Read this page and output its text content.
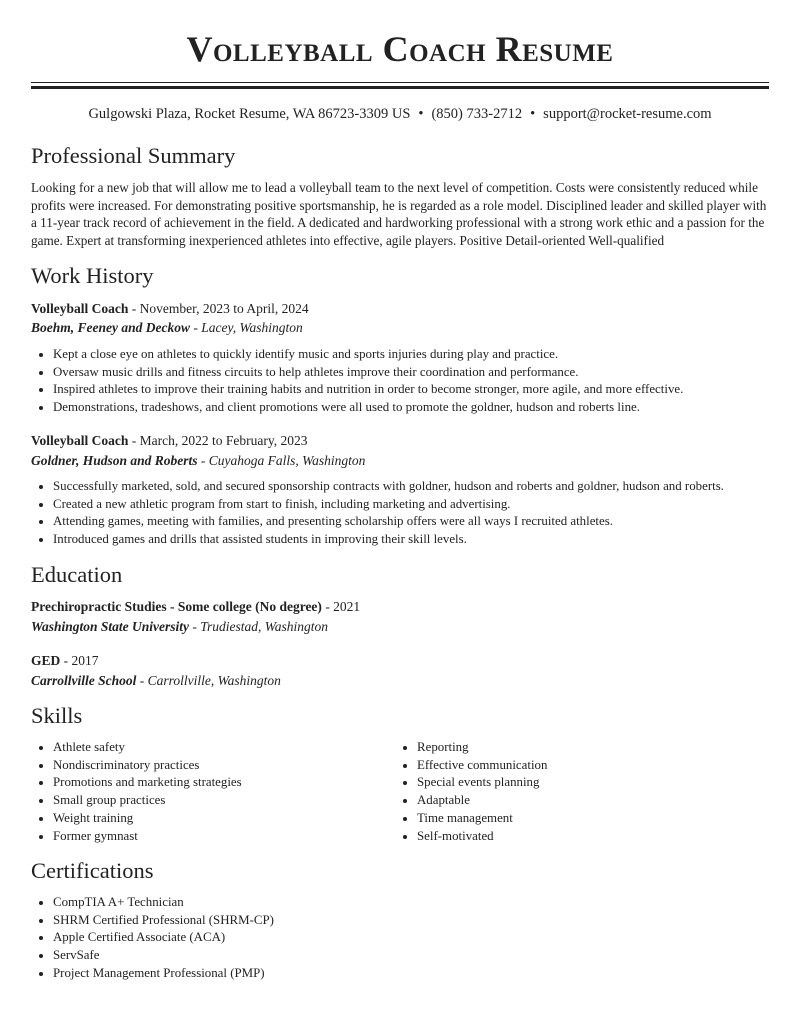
Volleyball Coach Resume
Gulgowski Plaza, Rocket Resume, WA 86723-3309 US • (850) 733-2712 • support@rocket-resume.com
Professional Summary

Looking for a new job that will allow me to lead a volleyball team to the next level of competition. Costs were consistently reduced while profits were increased. For demonstrating positive sportsmanship, he is regarded as a role model. Disciplined leader and skilled player with a 11-year track record of achievement in the field. A dedicated and hardworking professional with a strong work ethic and a passion for the game. Expert at transforming inexperienced athletes into effective, agile players. Positive Detail-oriented Well-qualified

Work History
Volleyball Coach - November, 2023 to April, 2024
Boehm, Feeney and Deckow - Lacey, Washington
• Kept a close eye on athletes to quickly identify music and sports injuries during play and practice.
• Oversaw music drills and fitness circuits to help athletes improve their coordination and performance.
• Inspired athletes to improve their training habits and nutrition in order to become stronger, more agile, and more effective.
• Demonstrations, tradeshows, and client promotions were all used to promote the goldner, hudson and roberts line.
Volleyball Coach - March, 2022 to February, 2023
Goldner, Hudson and Roberts - Cuyahoga Falls, Washington
• Successfully marketed, sold, and secured sponsorship contracts with goldner, hudson and roberts and goldner, hudson and roberts.
• Created a new athletic program from start to finish, including marketing and advertising.
• Attending games, meeting with families, and presenting scholarship offers were all ways I recruited athletes.
• Introduced games and drills that assisted students in improving their skill levels.
Education
Prechiropractic Studies - Some college (No degree) - 2021
Washington State University - Trudiestad, Washington
GED - 2017
Carrollville School - Carrollville, Washington
Skills
• Athlete safety
• Nondiscriminatory practices
• Promotions and marketing strategies
• Small group practices
• Weight training
• Former gymnast
• Reporting
• Effective communication
• Special events planning
• Adaptable
• Time management
• Self-motivated
Certifications
• CompTIA A+ Technician
• SHRM Certified Professional (SHRM-CP)
• Apple Certified Associate (ACA)
• ServSafe
• Project Management Professional (PMP)
